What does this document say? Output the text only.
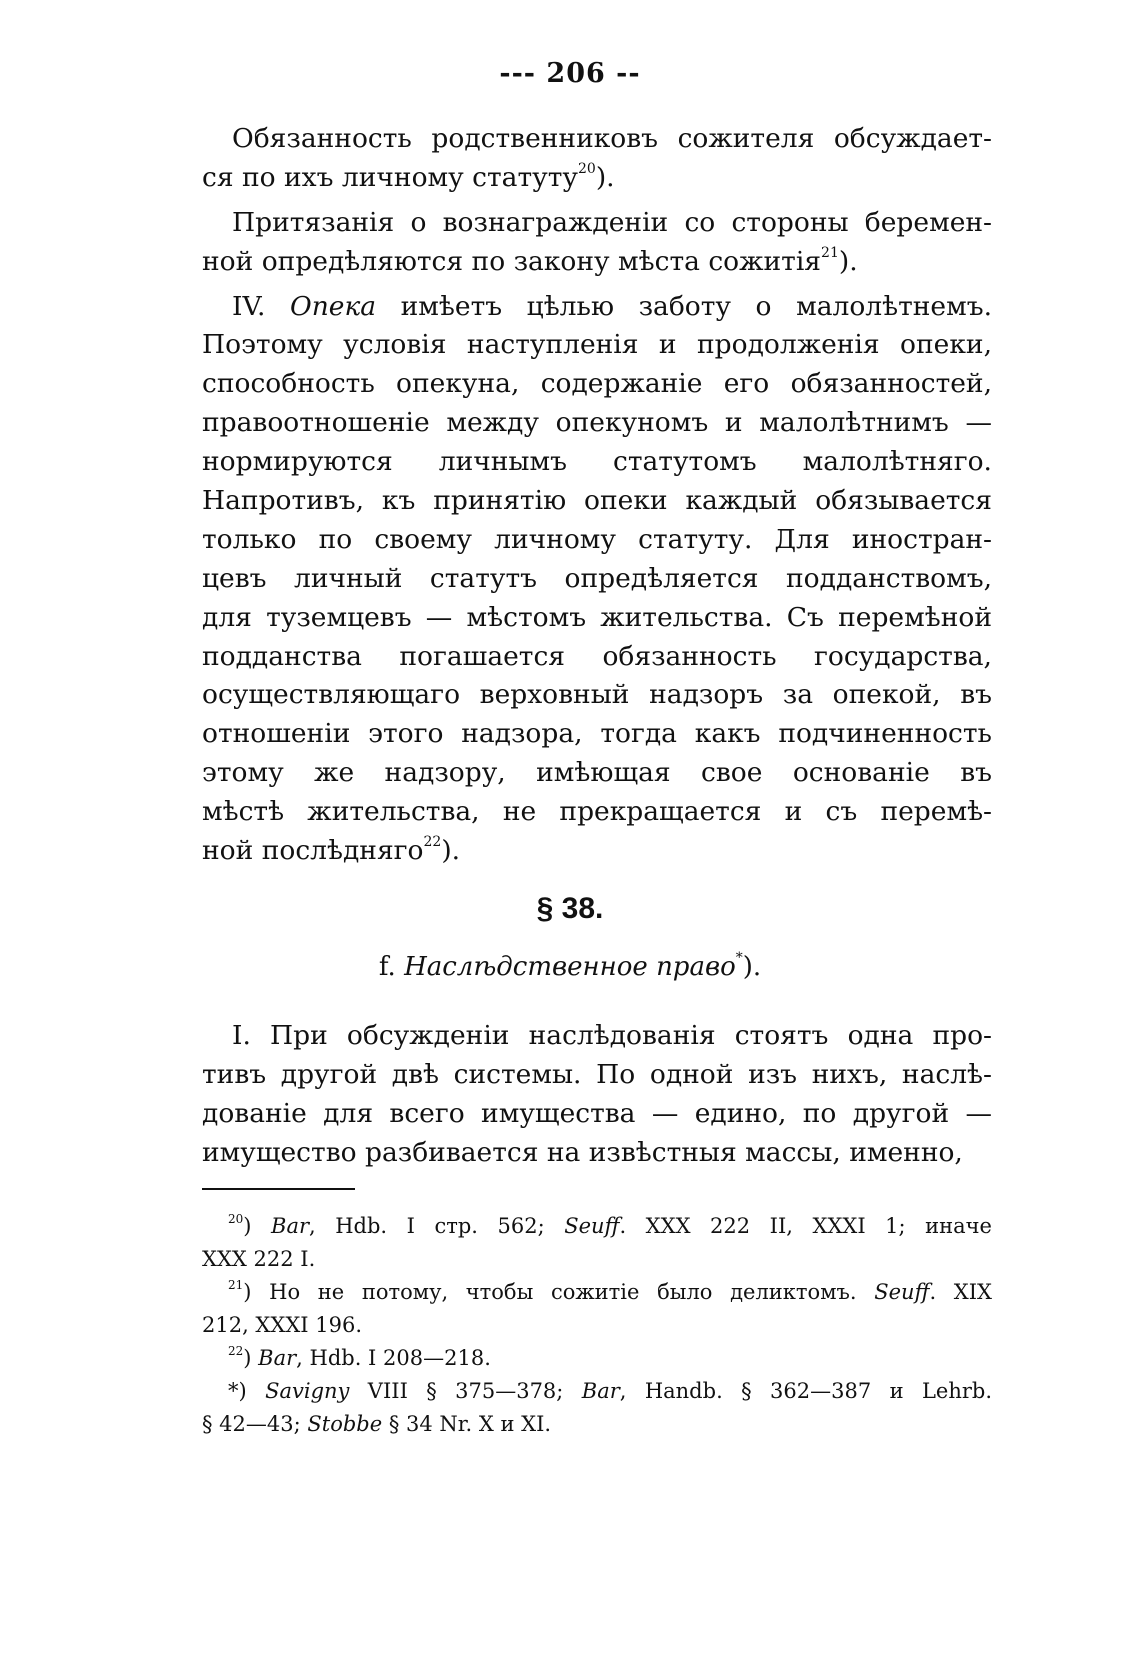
--- 206 --
Обязанность родственниковъ сожителя обсуждает-
ся по ихъ личному статуту$^{20}$).
Притязанія о вознагражденіи со стороны беремен-
ной опредѣляются по закону мѣста сожитія$^{21}$).
IV. Опека имѣетъ цѣлью заботу о малолѣтнемъ.
Поэтому условія наступленія и продолженія опеки,
способность опекуна, содержаніе его обязанностей,
правоотношеніе между опекуномъ и малолѣтнимъ —
нормируются личнымъ статутомъ малолѣтняго.
Напротивъ, къ принятію опеки каждый обязывается
только по своему личному статуту. Для иностран-
цевъ личный статутъ опредѣляется подданствомъ,
для туземцевъ — мѣстомъ жительства. Съ перемѣной
подданства погашается обязанность государства,
осуществляющаго верховный надзоръ за опекой, въ
отношеніи этого надзора, тогда какъ подчиненность
этому же надзору, имѣющая свое основаніе въ
мѣстѣ жительства, не прекращается и съ перемѣ-
ной послѣдняго$^{22}$).
§ 38.
f. Наслѣдственное право*).
I. При обсужденіи наслѣдованія стоятъ одна про-
тивъ другой двѣ системы. По одной изъ нихъ, наслѣ-
дованіе для всего имущества — едино, по другой —
имущество разбивается на извѣстныя массы, именно,
$^{20}$) Bar, Hdb. I стр. 562; Seuff. XXX 222 II, XXXI 1; иначе
XXX 222 I.
$^{21}$) Но не потому, чтобы сожитіе было деликтомъ. Seuff. XIX
212, XXXI 196.
$^{22}$) Bar, Hdb. I 208—218.
*) Savigny VIII § 375—378; Bar, Handb. § 362—387 и Lehrb.
§ 42—43; Stobbe § 34 Nr. X и XI.
